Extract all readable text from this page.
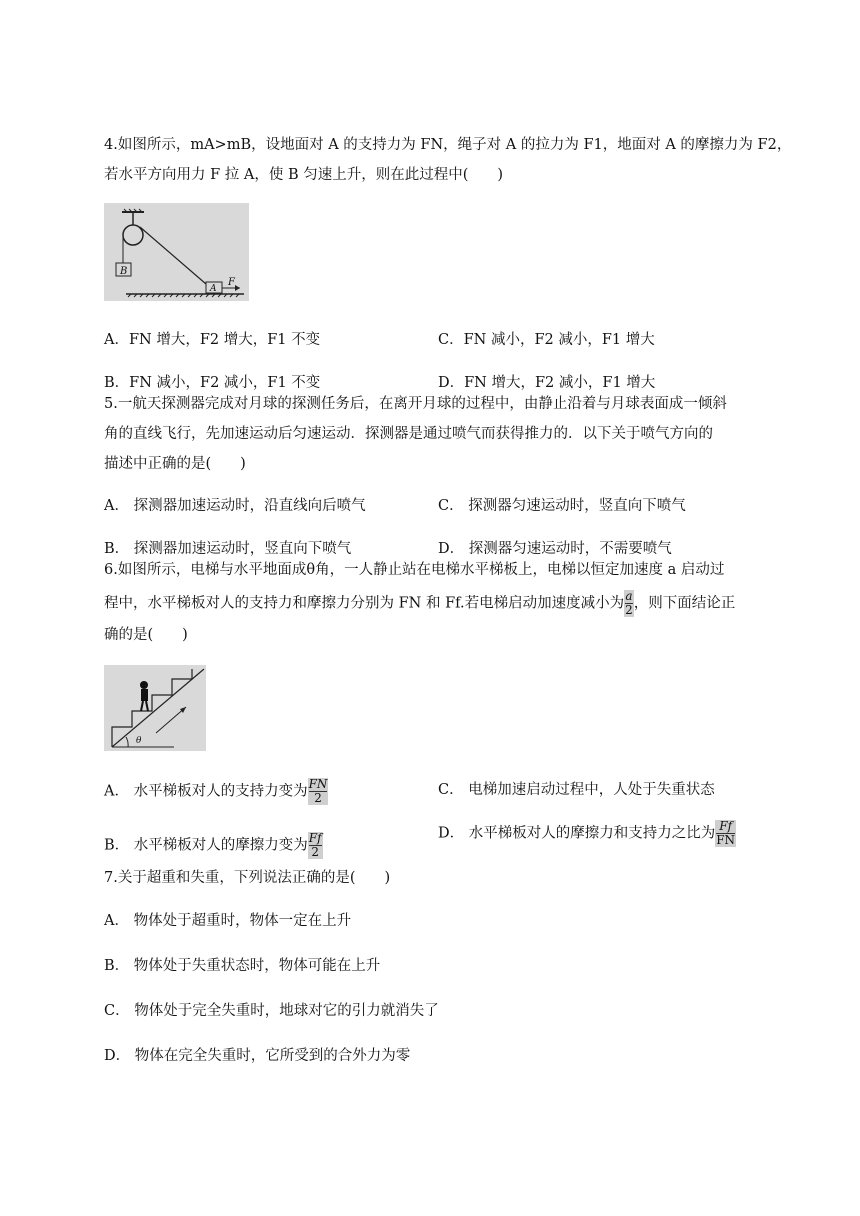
4.如图所示，mA>mB，设地面对 A 的支持力为 FN，绳子对 A 的拉力为 F1，地面对 A 的摩擦力为 F2，
若水平方向用力 F 拉 A，使 B 匀速上升，则在此过程中(　　)
B
A
F
A．FN 增大，F2 增大，F1 不变	C．FN 减小，F2 减小，F1 增大
B．FN 减小，F2 减小，F1 不变	D．FN 增大，F2 减小，F1 增大
5.一航天探测器完成对月球的探测任务后，在离开月球的过程中，由静止沿着与月球表面成一倾斜
角的直线飞行，先加速运动后匀速运动．探测器是通过喷气而获得推力的．以下关于喷气方向的
描述中正确的是(　　)
A． 探测器加速运动时，沿直线向后喷气	C． 探测器匀速运动时，竖直向下喷气
B． 探测器加速运动时，竖直向下喷气	D． 探测器匀速运动时，不需要喷气
6.如图所示，电梯与水平地面成θ角，一人静止站在电梯水平梯板上，电梯以恒定加速度 a 启动过
程中，水平梯板对人的支持力和摩擦力分别为 FN 和 Ff.若电梯启动加速度减小为 $\frac{a}{2}$ ，则下面结论正
确的是(　　)
θ
A． 水平梯板对人的支持力变为 $\frac{FN}{2}$	C． 电梯加速启动过程中，人处于失重状态
B． 水平梯板对人的摩擦力变为 $\frac{Ff}{2}$	D． 水平梯板对人的摩擦力和支持力之比为 $\frac{Ff}{FN}$
7.关于超重和失重，下列说法正确的是(　　)
A． 物体处于超重时，物体一定在上升
B． 物体处于失重状态时，物体可能在上升
C． 物体处于完全失重时，地球对它的引力就消失了
D． 物体在完全失重时，它所受到的合外力为零
